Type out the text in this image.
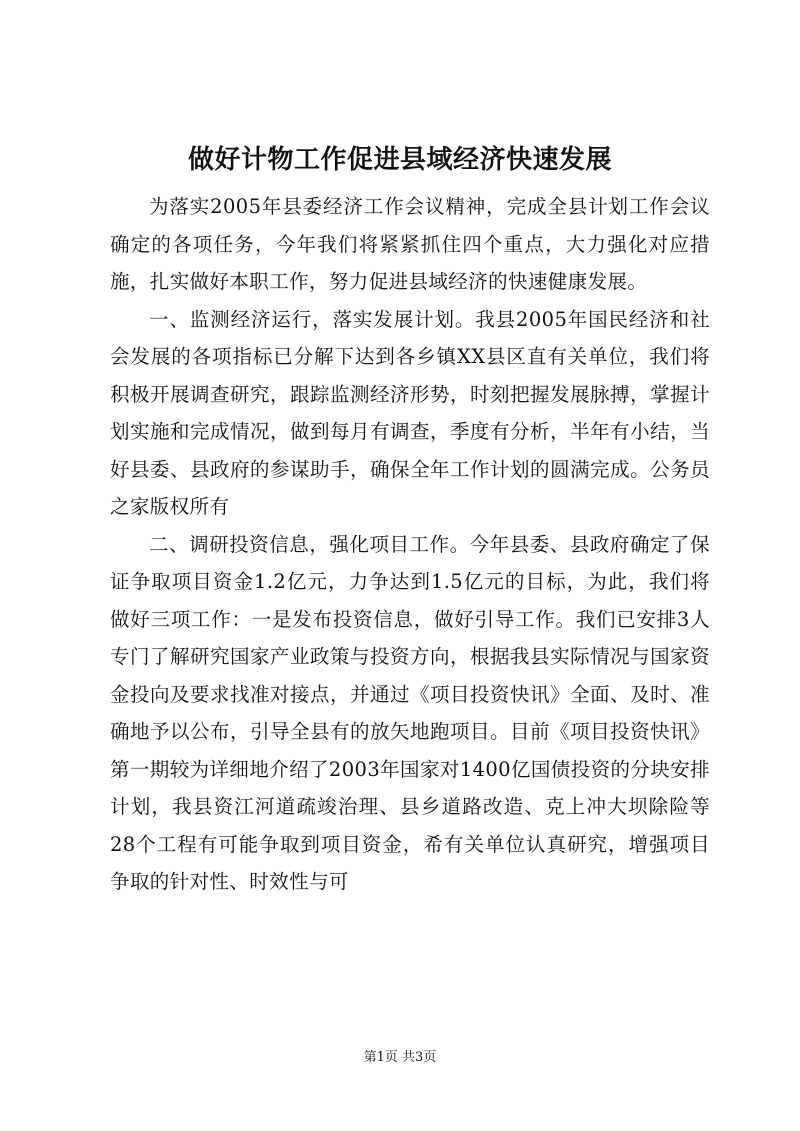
做好计物工作促进县域经济快速发展

为落实2005年县委经济工作会议精神，完成全县计划工作会议确定的各项任务，今年我们将紧紧抓住四个重点，大力强化对应措施，扎实做好本职工作，努力促进县域经济的快速健康发展。

一、监测经济运行，落实发展计划。我县2005年国民经济和社会发展的各项指标已分解下达到各乡镇XX县区直有关单位，我们将积极开展调查研究，跟踪监测经济形势，时刻把握发展脉搏，掌握计划实施和完成情况，做到每月有调查，季度有分析，半年有小结，当好县委、县政府的参谋助手，确保全年工作计划的圆满完成。公务员之家版权所有

二、调研投资信息，强化项目工作。今年县委、县政府确定了保证争取项目资金1.2亿元，力争达到1.5亿元的目标，为此，我们将做好三项工作：一是发布投资信息，做好引导工作。我们已安排3人专门了解研究国家产业政策与投资方向，根据我县实际情况与国家资金投向及要求找准对接点，并通过《项目投资快讯》全面、及时、准确地予以公布，引导全县有的放矢地跑项目。目前《项目投资快讯》第一期较为详细地介绍了2003年国家对1400亿国债投资的分块安排计划，我县资江河道疏竣治理、县乡道路改造、克上冲大坝除险等28个工程有可能争取到项目资金，希有关单位认真研究，增强项目争取的针对性、时效性与可

第1页 共3页
